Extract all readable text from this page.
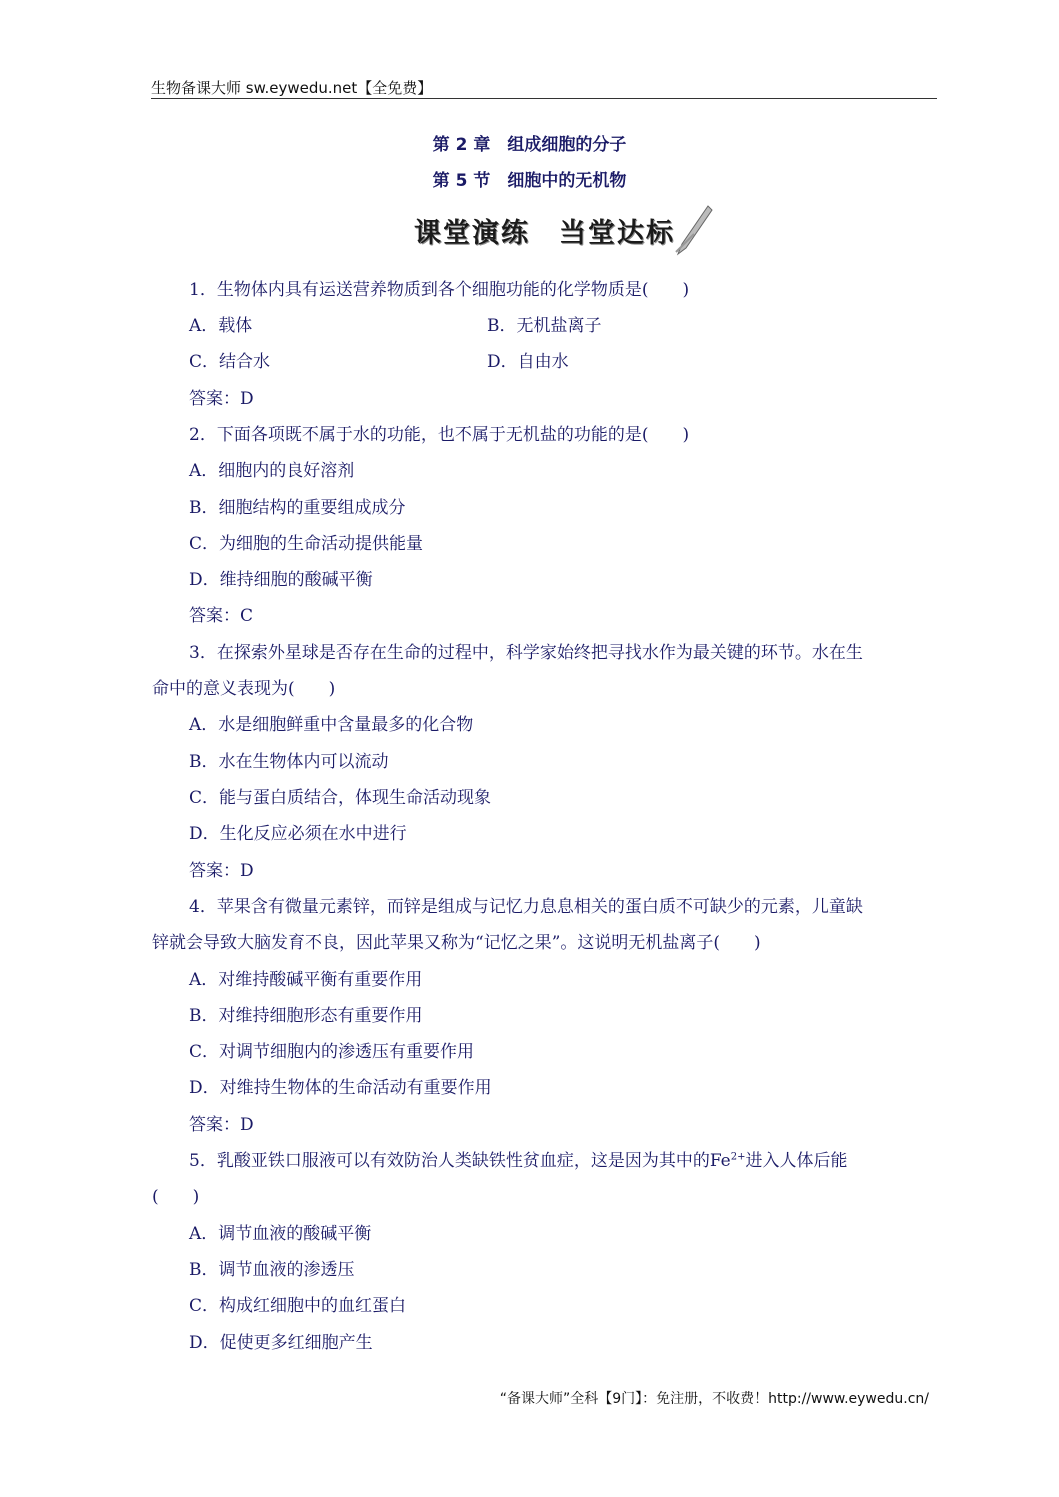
生物备课大师 sw.eywedu.net【全免费】
第 2 章　组成细胞的分子
第 5 节　细胞中的无机物
课堂演练　当堂达标
1．生物体内具有运送营养物质到各个细胞功能的化学物质是(　　)
A．载体	B．无机盐离子
C．结合水	D．自由水
答案：D
2．下面各项既不属于水的功能，也不属于无机盐的功能的是(　　)
A．细胞内的良好溶剂
B．细胞结构的重要组成成分
C．为细胞的生命活动提供能量
D．维持细胞的酸碱平衡
答案：C
3．在探索外星球是否存在生命的过程中，科学家始终把寻找水作为最关键的环节。水在生
命中的意义表现为(　　)
A．水是细胞鲜重中含量最多的化合物
B．水在生物体内可以流动
C．能与蛋白质结合，体现生命活动现象
D．生化反应必须在水中进行
答案：D
4．苹果含有微量元素锌，而锌是组成与记忆力息息相关的蛋白质不可缺少的元素，儿童缺
锌就会导致大脑发育不良，因此苹果又称为“记忆之果”。这说明无机盐离子(　　)
A．对维持酸碱平衡有重要作用
B．对维持细胞形态有重要作用
C．对调节细胞内的渗透压有重要作用
D．对维持生物体的生命活动有重要作用
答案：D
5．乳酸亚铁口服液可以有效防治人类缺铁性贫血症，这是因为其中的$Fe^{2+}$进入人体后能
(　　)
A．调节血液的酸碱平衡
B．调节血液的渗透压
C．构成红细胞中的血红蛋白
D．促使更多红细胞产生
“备课大师”全科【9门】：免注册，不收费！http://www.eywedu.cn/
